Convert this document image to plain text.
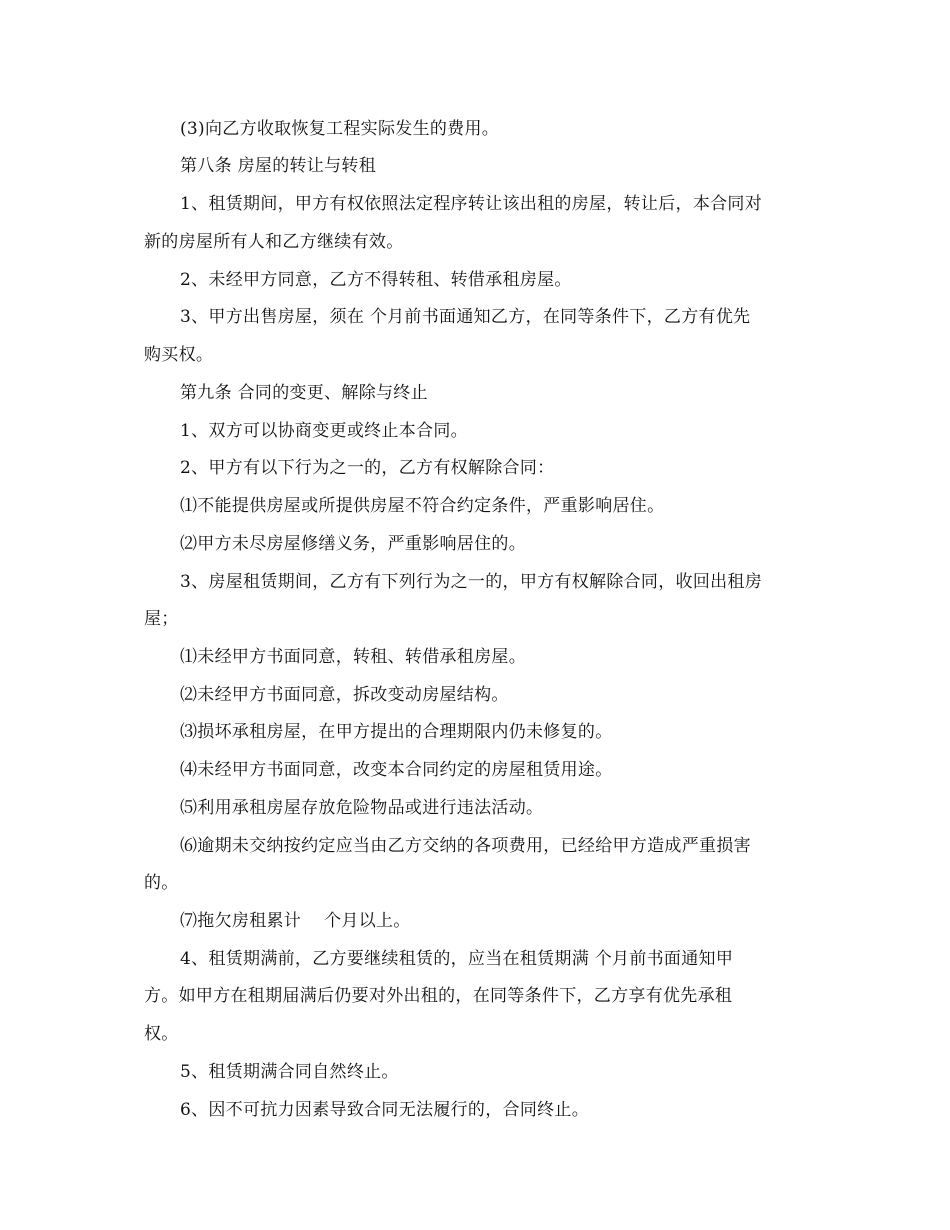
(3)向乙方收取恢复工程实际发生的费用。
第八条 房屋的转让与转租
1、租赁期间，甲方有权依照法定程序转让该出租的房屋，转让后，本合同对
新的房屋所有人和乙方继续有效。
2、未经甲方同意，乙方不得转租、转借承租房屋。
3、甲方出售房屋，须在 个月前书面通知乙方，在同等条件下，乙方有优先
购买权。
第九条 合同的变更、解除与终止
1、双方可以协商变更或终止本合同。
2、甲方有以下行为之一的，乙方有权解除合同：
⑴不能提供房屋或所提供房屋不符合约定条件，严重影响居住。
⑵甲方未尽房屋修缮义务，严重影响居住的。
3、房屋租赁期间，乙方有下列行为之一的，甲方有权解除合同，收回出租房
屋；
⑴未经甲方书面同意，转租、转借承租房屋。
⑵未经甲方书面同意，拆改变动房屋结构。
⑶损坏承租房屋，在甲方提出的合理期限内仍未修复的。
⑷未经甲方书面同意，改变本合同约定的房屋租赁用途。
⑸利用承租房屋存放危险物品或进行违法活动。
⑹逾期未交纳按约定应当由乙方交纳的各项费用，已经给甲方造成严重损害
的。
⑺拖欠房租累计　 个月以上。
4、租赁期满前，乙方要继续租赁的，应当在租赁期满 个月前书面通知甲
方。如甲方在租期届满后仍要对外出租的，在同等条件下，乙方享有优先承租
权。
5、租赁期满合同自然终止。
6、因不可抗力因素导致合同无法履行的，合同终止。
